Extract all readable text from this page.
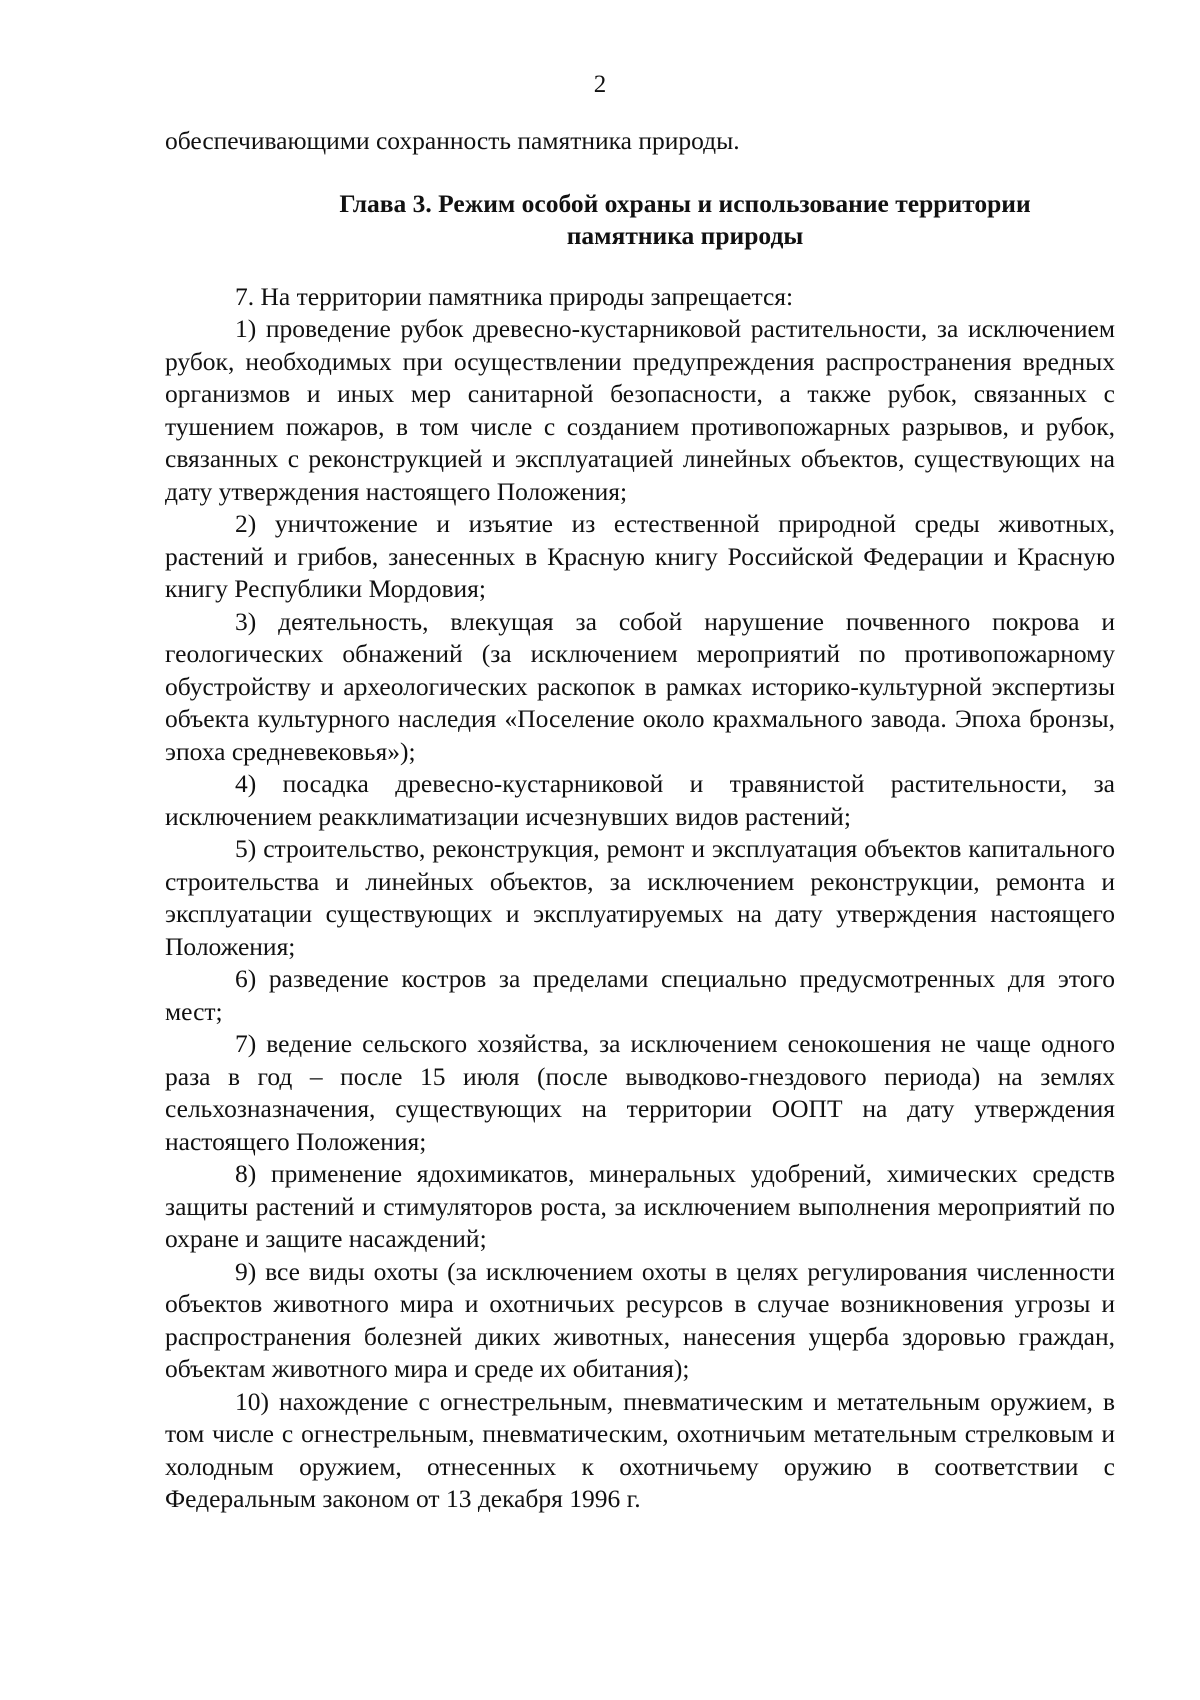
2

обеспечивающими сохранность памятника природы.

Глава 3. Режим особой охраны и использование территории
памятника природы

7. На территории памятника природы запрещается:

1) проведение рубок древесно-кустарниковой растительности, за исключением рубок, необходимых при осуществлении предупреждения распространения вредных организмов и иных мер санитарной безопасности, а также рубок, связанных с тушением пожаров, в том числе с созданием противопожарных разрывов, и рубок, связанных с реконструкцией и эксплуатацией линейных объектов, существующих на дату утверждения настоящего Положения;

2) уничтожение и изъятие из естественной природной среды животных, растений и грибов, занесенных в Красную книгу Российской Федерации и Красную книгу Республики Мордовия;

3) деятельность, влекущая за собой нарушение почвенного покрова и геологических обнажений (за исключением мероприятий по противопожарному обустройству и археологических раскопок в рамках историко-культурной экспертизы объекта культурного наследия «Поселение около крахмального завода. Эпоха бронзы, эпоха средневековья»);

4) посадка древесно-кустарниковой и травянистой растительности, за исключением реакклиматизации исчезнувших видов растений;

5) строительство, реконструкция, ремонт и эксплуатация объектов капитального строительства и линейных объектов, за исключением реконструкции, ремонта и эксплуатации существующих и эксплуатируемых на дату утверждения настоящего Положения;

6) разведение костров за пределами специально предусмотренных для этого мест;

7) ведение сельского хозяйства, за исключением сенокошения не чаще одного раза в год – после 15 июля (после выводково-гнездового периода) на землях сельхозназначения, существующих на территории ООПТ на дату утверждения настоящего Положения;

8) применение ядохимикатов, минеральных удобрений, химических средств защиты растений и стимуляторов роста, за исключением выполнения мероприятий по охране и защите насаждений;

9) все виды охоты (за исключением охоты в целях регулирования численности объектов животного мира и охотничьих ресурсов в случае возникновения угрозы и распространения болезней диких животных, нанесения ущерба здоровью граждан, объектам животного мира и среде их обитания);

10) нахождение с огнестрельным, пневматическим и метательным оружием, в том числе с огнестрельным, пневматическим, охотничьим метательным стрелковым и холодным оружием, отнесенных к охотничьему оружию в соответствии с Федеральным законом от 13 декабря 1996 г.
